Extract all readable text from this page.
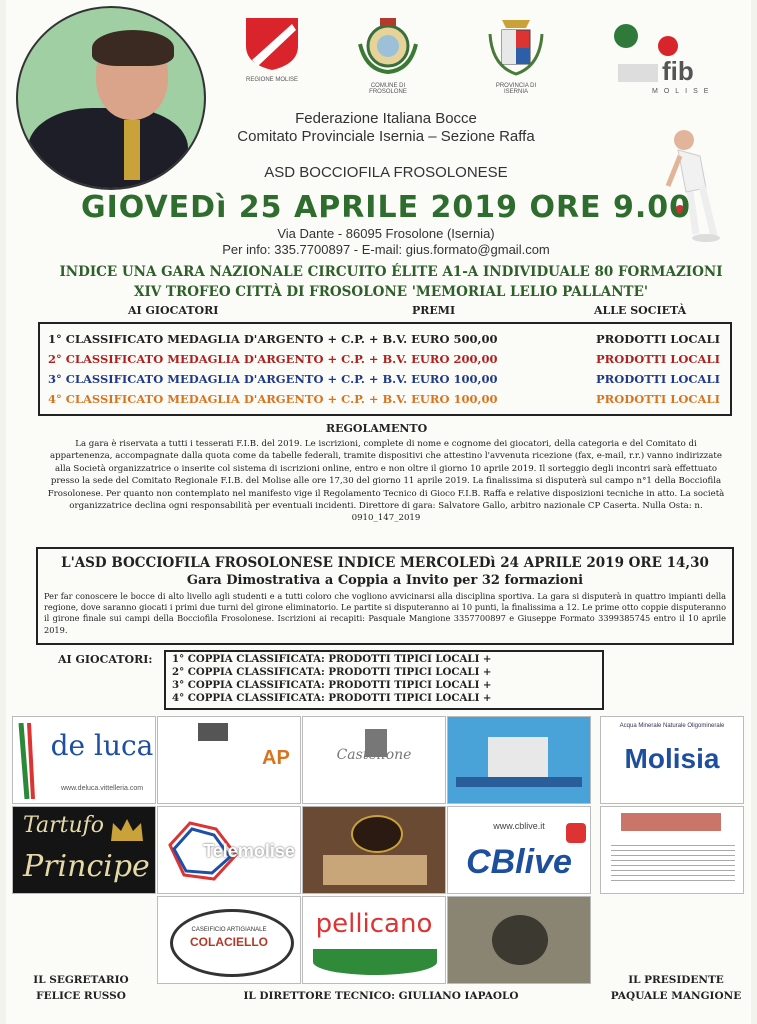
REGIONE MOLISE
COMUNE DI FROSOLONE
PROVINCIA DI ISERNIA
fib
MOLISE
Federazione Italiana Bocce
Comitato Provinciale Isernia – Sezione Raffa
ASD BOCCIOFILA FROSOLONESE
GIOVEDì 25 APRILE 2019 ORE 9.00
Via Dante - 86095 Frosolone (Isernia)
Per info: 335.7700897 - E-mail: gius.formato@gmail.com
INDICE UNA GARA NAZIONALE CIRCUITO ÉLITE A1-A INDIVIDUALE 80 FORMAZIONI
XIV TROFEO CITTÀ DI FROSOLONE 'MEMORIAL LELIO PALLANTE'
AI GIOCATORI	PREMI	ALLE SOCIETÀ
1° CLASSIFICATO MEDAGLIA D'ARGENTO + C.P. + B.V. EURO 500,00	PRODOTTI LOCALI
2° CLASSIFICATO MEDAGLIA D'ARGENTO + C.P. + B.V. EURO 200,00	PRODOTTI LOCALI
3° CLASSIFICATO MEDAGLIA D'ARGENTO + C.P. + B.V. EURO 100,00	PRODOTTI LOCALI
4° CLASSIFICATO MEDAGLIA D'ARGENTO + C.P. + B.V. EURO 100,00	PRODOTTI LOCALI
REGOLAMENTO
La gara è riservata a tutti i tesserati F.I.B. del 2019. Le iscrizioni, complete di nome e cognome dei giocatori, della categoria e del Comitato di appartenenza, accompagnate dalla quota come da tabelle federali, tramite dispositivi che attestino l'avvenuta ricezione (fax, e-mail, r.r.) vanno indirizzate alla Società organizzatrice o inserite col sistema di iscrizioni online, entro e non oltre il giorno 10 aprile 2019. Il sorteggio degli incontri sarà effettuato presso la sede del Comitato Regionale F.I.B. del Molise alle ore 17,30 del giorno 11 aprile 2019. La finalissima si disputerà sul campo n°1 della Bocciofila Frosolonese. Per quanto non contemplato nel manifesto vige il Regolamento Tecnico di Gioco F.I.B. Raffa e relative disposizioni tecniche in atto. La società organizzatrice declina ogni responsabilità per eventuali incidenti. Direttore di gara: Salvatore Gallo, arbitro nazionale CP Caserta. Nulla Osta: n. 0910_147_2019
L'ASD BOCCIOFILA FROSOLONESE INDICE MERCOLEDì 24 APRILE 2019 ORE 14,30
Gara Dimostrativa a Coppia a Invito per 32 formazioni
Per far conoscere le bocce di alto livello agli studenti e a tutti coloro che vogliono avvicinarsi alla disciplina sportiva. La gara si disputerà in quattro impianti della regione, dove saranno giocati i primi due turni del girone eliminatorio. Le partite si disputeranno ai 10 punti, la finalissima a 12. Le prime otto coppie disputeranno il girone finale sui campi della Bocciofila Frosolonese. Iscrizioni ai recapiti: Pasquale Mangione 3357700897 e Giuseppe Formato 3399385745 entro il 10 aprile 2019.
AI GIOCATORI: 1° COPPIA CLASSIFICATA: PRODOTTI TIPICI LOCALI +
2° COPPIA CLASSIFICATA: PRODOTTI TIPICI LOCALI +
3° COPPIA CLASSIFICATA: PRODOTTI TIPICI LOCALI +
4° COPPIA CLASSIFICATA: PRODOTTI TIPICI LOCALI +
de luca
www.deluca.vittelleria.com
AP	Castellone
Acqua Minerale Naturale Oligominerale
Molisia
Tartufo
Principe	Telemolise
www.cblive.it
CBlive
CASEIFICIO ARTIGIANALE
COLACIELLO
pellicano
IL SEGRETARIO
FELICE RUSSO	IL DIRETTORE TECNICO: GIULIANO IAPAOLO
IL PRESIDENTE
PAQUALE MANGIONE
